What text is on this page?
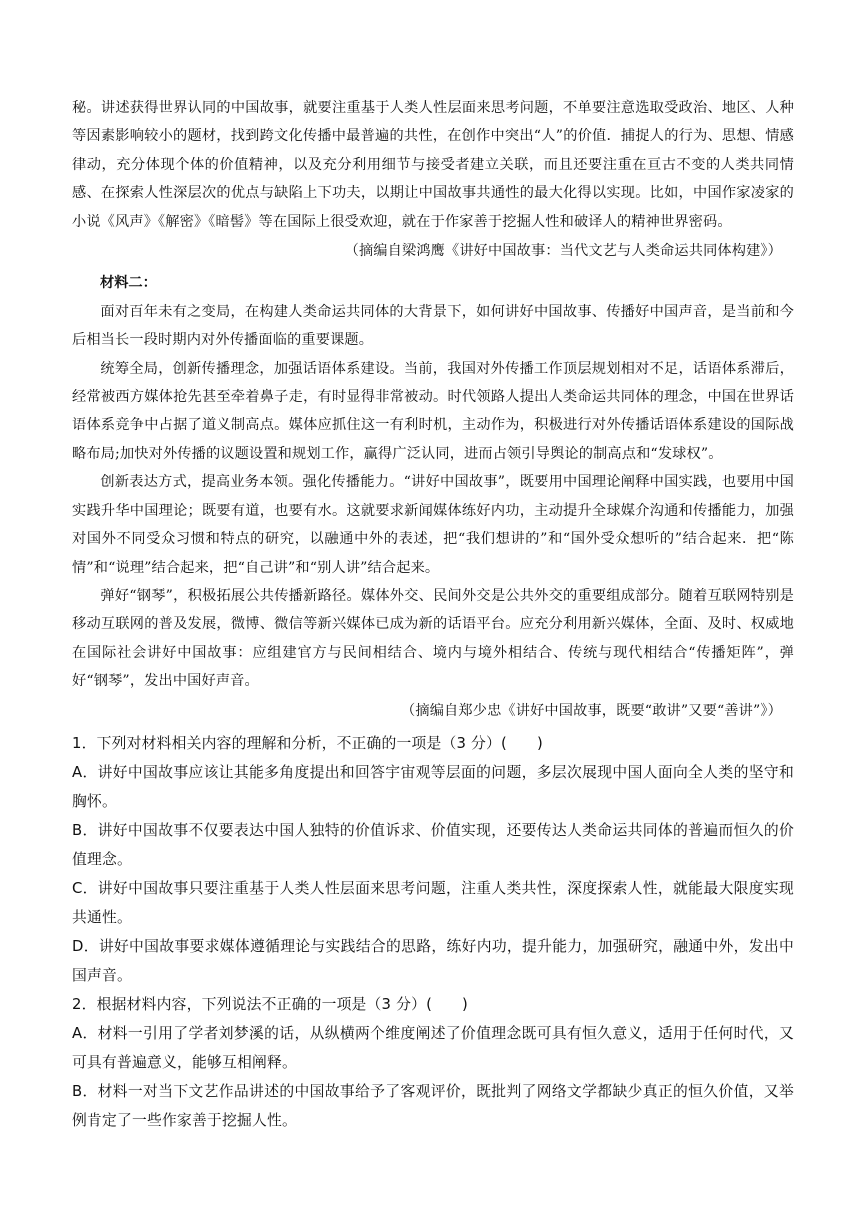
秘。讲述获得世界认同的中国故事，就要注重基于人类人性层面来思考问题，不单要注意选取受政治、地区、人种等因素影响较小的题材，找到跨文化传播中最普遍的共性，在创作中突出“人”的价值．捕捉人的行为、思想、情感律动，充分体现个体的价值精神，以及充分利用细节与接受者建立关联，而且还要注重在亘古不变的人类共同情感、在探索人性深层次的优点与缺陷上下功夫，以期让中国故事共通性的最大化得以实现。比如，中国作家凌家的小说《风声》《解密》《暗髻》等在国际上很受欢迎，就在于作家善于挖掘人性和破译人的精神世界密码。

（摘编自梁鸿鹰《讲好中国故事：当代文艺与人类命运共同体构建》）

材料二：

面对百年未有之变局，在构建人类命运共同体的大背景下，如何讲好中国故事、传播好中国声音，是当前和今后相当长一段时期内对外传播面临的重要课题。

统筹全局，创新传播理念，加强话语体系建设。当前，我国对外传播工作顶层规划相对不足，话语体系滞后，经常被西方媒体抢先甚至牵着鼻子走，有时显得非常被动。时代领路人提出人类命运共同体的理念，中国在世界话语体系竞争中占据了道义制高点。媒体应抓住这一有利时机，主动作为，积极进行对外传播话语体系建设的国际战略布局;加快对外传播的议题设置和规划工作，赢得广泛认同，进而占领引导舆论的制高点和“发球权”。

创新表达方式，提高业务本领。强化传播能力。“讲好中国故事”，既要用中国理论阐释中国实践，也要用中国实践升华中国理论；既要有道，也要有水。这就要求新闻媒体练好内功，主动提升全球媒介沟通和传播能力，加强对国外不同受众习惯和特点的研究，以融通中外的表述，把“我们想讲的”和“国外受众想听的”结合起来．把“陈情”和“说理”结合起来，把“自己讲”和“别人讲”结合起来。

弹好“钢琴”，积极拓展公共传播新路径。媒体外交、民间外交是公共外交的重要组成部分。随着互联网特别是移动互联网的普及发展，微博、微信等新兴媒体已成为新的话语平台。应充分利用新兴媒体，全面、及时、权威地在国际社会讲好中国故事：应组建官方与民间相结合、境内与境外相结合、传统与现代相结合“传播矩阵”，弹好“钢琴”，发出中国好声音。

（摘编自郑少忠《讲好中国故事，既要“敢讲”又要“善讲”》）

1．下列对材料相关内容的理解和分析，不正确的一项是（3 分）(　　)

A．讲好中国故事应该让其能多角度提出和回答宇宙观等层面的问题，多层次展现中国人面向全人类的坚守和胸怀。

B．讲好中国故事不仅要表达中国人独特的价值诉求、价值实现，还要传达人类命运共同体的普遍而恒久的价值理念。

C．讲好中国故事只要注重基于人类人性层面来思考问题，注重人类共性，深度探索人性，就能最大限度实现共通性。

D．讲好中国故事要求媒体遵循理论与实践结合的思路，练好内功，提升能力，加强研究，融通中外，发出中国声音。

2．根据材料内容，下列说法不正确的一项是（3 分）(　　)

A．材料一引用了学者刘梦溪的话，从纵横两个维度阐述了价值理念既可具有恒久意义，适用于任何时代，又可具有普遍意义，能够互相阐释。

B．材料一对当下文艺作品讲述的中国故事给予了客观评价，既批判了网络文学都缺少真正的恒久价值，又举例肯定了一些作家善于挖掘人性。
